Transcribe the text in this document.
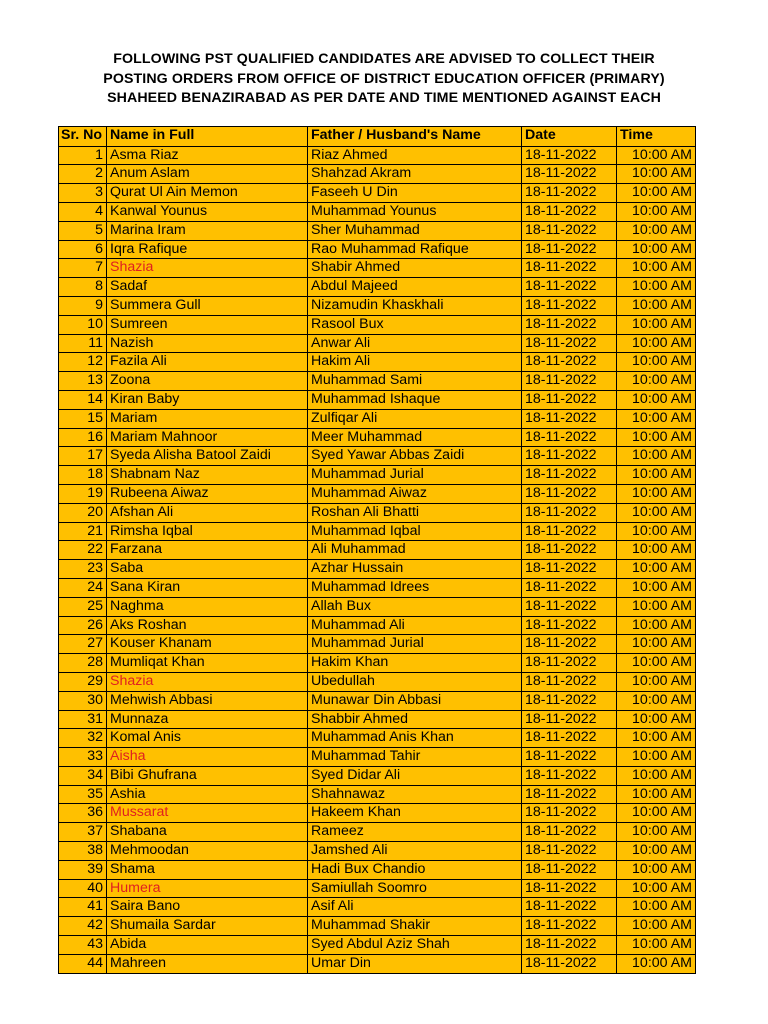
FOLLOWING PST QUALIFIED CANDIDATES ARE ADVISED TO COLLECT THEIR
POSTING ORDERS FROM OFFICE OF DISTRICT EDUCATION OFFICER (PRIMARY)
SHAHEED BENAZIRABAD AS PER DATE AND TIME MENTIONED AGAINST EACH
Sr. No	Name in Full	Father / Husband's Name	Date	Time
1	Asma Riaz	Riaz Ahmed	18-11-2022	10:00 AM
2	Anum Aslam	Shahzad Akram	18-11-2022	10:00 AM
3	Qurat Ul Ain Memon	Faseeh U Din	18-11-2022	10:00 AM
4	Kanwal Younus	Muhammad Younus	18-11-2022	10:00 AM
5	Marina Iram	Sher Muhammad	18-11-2022	10:00 AM
6	Iqra Rafique	Rao Muhammad Rafique	18-11-2022	10:00 AM
7	Shazia	Shabir Ahmed	18-11-2022	10:00 AM
8	Sadaf	Abdul Majeed	18-11-2022	10:00 AM
9	Summera Gull	Nizamudin Khaskhali	18-11-2022	10:00 AM
10	Sumreen	Rasool Bux	18-11-2022	10:00 AM
11	Nazish	Anwar Ali	18-11-2022	10:00 AM
12	Fazila Ali	Hakim Ali	18-11-2022	10:00 AM
13	Zoona	Muhammad Sami	18-11-2022	10:00 AM
14	Kiran Baby	Muhammad Ishaque	18-11-2022	10:00 AM
15	Mariam	Zulfiqar Ali	18-11-2022	10:00 AM
16	Mariam Mahnoor	Meer Muhammad	18-11-2022	10:00 AM
17	Syeda Alisha Batool Zaidi	Syed Yawar Abbas Zaidi	18-11-2022	10:00 AM
18	Shabnam Naz	Muhammad Jurial	18-11-2022	10:00 AM
19	Rubeena Aiwaz	Muhammad Aiwaz	18-11-2022	10:00 AM
20	Afshan Ali	Roshan Ali Bhatti	18-11-2022	10:00 AM
21	Rimsha Iqbal	Muhammad Iqbal	18-11-2022	10:00 AM
22	Farzana	Ali Muhammad	18-11-2022	10:00 AM
23	Saba	Azhar Hussain	18-11-2022	10:00 AM
24	Sana Kiran	Muhammad Idrees	18-11-2022	10:00 AM
25	Naghma	Allah Bux	18-11-2022	10:00 AM
26	Aks Roshan	Muhammad Ali	18-11-2022	10:00 AM
27	Kouser Khanam	Muhammad Jurial	18-11-2022	10:00 AM
28	Mumliqat Khan	Hakim Khan	18-11-2022	10:00 AM
29	Shazia	Ubedullah	18-11-2022	10:00 AM
30	Mehwish Abbasi	Munawar Din Abbasi	18-11-2022	10:00 AM
31	Munnaza	Shabbir Ahmed	18-11-2022	10:00 AM
32	Komal Anis	Muhammad Anis Khan	18-11-2022	10:00 AM
33	Aisha	Muhammad Tahir	18-11-2022	10:00 AM
34	Bibi Ghufrana	Syed Didar Ali	18-11-2022	10:00 AM
35	Ashia	Shahnawaz	18-11-2022	10:00 AM
36	Mussarat	Hakeem Khan	18-11-2022	10:00 AM
37	Shabana	Rameez	18-11-2022	10:00 AM
38	Mehmoodan	Jamshed Ali	18-11-2022	10:00 AM
39	Shama	Hadi Bux Chandio	18-11-2022	10:00 AM
40	Humera	Samiullah Soomro	18-11-2022	10:00 AM
41	Saira Bano	Asif Ali	18-11-2022	10:00 AM
42	Shumaila Sardar	Muhammad Shakir	18-11-2022	10:00 AM
43	Abida	Syed Abdul Aziz Shah	18-11-2022	10:00 AM
44	Mahreen	Umar Din	18-11-2022	10:00 AM
